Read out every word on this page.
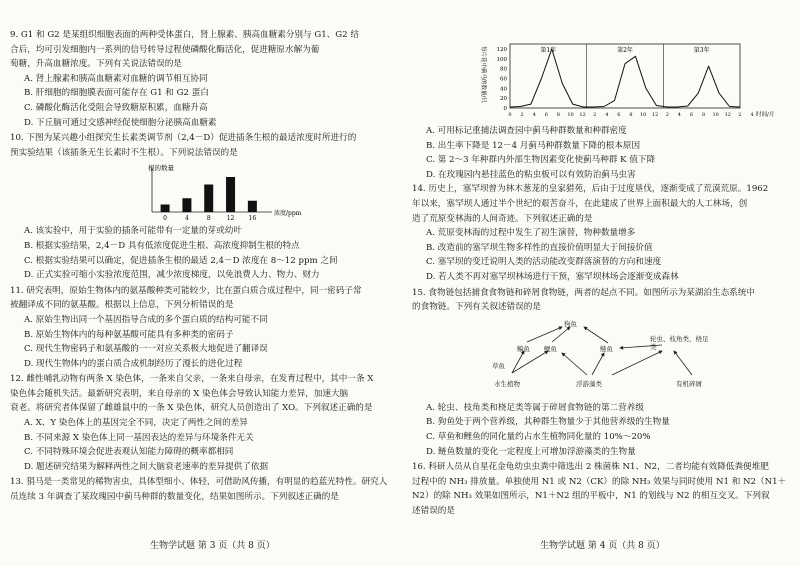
9. G1 和 G2 是某组织细胞表面的两种受体蛋白，肾上腺素、胰高血糖素分别与 G1、G2 结
合后，均可引发细胞内一系列的信号转导过程使磷酸化酶活化，促进糖原水解为葡
萄糖，升高血糖浓度。下列有关说法错误的是
A. 肾上腺素和胰高血糖素对血糖的调节相互协同
B. 肝细胞的细胞膜表面可能存在 G1 和 G2 蛋白
C. 磷酸化酶活化受阻会导致糖原积累，血糖升高
D. 下丘脑可通过交感神经促使细胞分泌胰高血糖素
10. 下图为某兴趣小组探究生长素类调节剂（2,4－D）促进插条生根的最适浓度时所进行的
预实验结果（该插条无生长素时不生根）。下列说法错误的是
根的数量
浓度/ppm
0	4	8	12 16
A. 该实验中，用于实验的插条可能带有一定量的芽或幼叶
B. 根据实验结果，2,4－D 具有低浓度促进生根、高浓度抑制生根的特点
C. 根据实验结果可以确定，促进插条生根的最适 2,4－D 浓度在 8～12 ppm 之间
D. 正式实验可缩小实验浓度范围，减少浓度梯度，以免浪费人力、物力、财力
11. 研究表明，原始生物体内的氨基酸种类可能较少，比在蛋白质合成过程中，同一密码子常
被翻译成不同的氨基酸。根据以上信息，下列分析错误的是
A. 原始生物出同一个基因指导合成的多个蛋白质的结构可能不同
B. 原始生物体内的每种氨基酸可能具有多种类的密码子
C. 现代生物密码子和氨基酸的一一对应关系极大地促进了翻译误
D. 现代生物体内的蛋白质合成机制经历了漫长的进化过程
12. 雌性哺乳动物有两条 X 染色体，一条来自父亲，一条来自母亲，在发育过程中，其中一条 X
染色体会随机失活。最新研究表明，来自母亲的 X 染色体会导致认知能力差异，加速大脑
衰老。将研究者体保留了雌雄鼠中的一条 X 染色体，研究人员创造出了 XO。下列叙述正确的是
A. X、Y 染色体上的基因完全不同，决定了两性之间的差异
B. 不同来源 X 染色体上同一基因表达的差异与环境条件无关
C. 不同特殊环境会促进表观认知能力障碍的概率都相同
D. 题述研究结果为解释两性之间大脑衰老速率的差异提供了依据
13. 狷马是一类常见的稀物害虫，具体型细小、体轻，可借助风传播，有明显的趋蓝光特性。研究人
员连续 3 年调查了某玫瑰园中蓟马种群的数量变化，结果如图所示。下列叙述正确的是
生物学试题 第 3 页（共 8 页）
每片花中蓟马的数量/只
0
20
40
60
80
100
120	第1年	第2年	第3年
0 2 4 6 8 10 12 2 4 6 8 10 12 2 4 6 8 10 12 2 4 时间/月
A. 可用标记重捕法调查园中蓟马种群数量和种群密度
B. 出生率下降是 12－4 月蓟马种群数量下降的根本原因
C. 第 2～3 年种群内外部生物因素变化使蓟马种群 K 值下降
D. 在玫瑰园内悬挂蓝色的粘虫板可以有效防治蓟马虫害
14. 历史上，塞罕坝曾为林木葱茏的皇家猎苑，后由于过度垦伐，逐渐变成了荒漠荒原。1962
年以来，塞罕坝人通过半个世纪的艰苦奋斗，在此建成了世界上面积最大的人工林场，创
造了荒原变林海的人间奇迹。下列叙述正确的是
A. 荒原变林海的过程中发生了初生演替，物种数量增多
B. 改造前的塞罕坝生物多样性的直接价值明显大于间接价值
C. 塞罕坝的变迁说明人类的活动能改变群落演替的方向和速度
D. 若人类不再对塞罕坝林场进行干预，塞罕坝林场会逐渐变成森林
15. 食物链包括捕食食物链和碎屑食物链，两者的起点不同。如图所示为某湖泊生态系统中
的食物链。下列有关叙述错误的是
狗鱼
鳊鱼
草鱼
鲤鱼	鲢鱼
轮虫、枝角类、桡足类
水生植物	浮游藻类	有机碎屑
A. 轮虫、枝角类和桡足类等属于碎屑食物链的第二营养级
B. 狗鱼处于两个营养级，其种群生物量少于其他营养级的生物量
C. 草鱼和鲤鱼的同化量约占水生植物同化量的 10%～20%
D. 鲢鱼数量的变化一定程度上可增加浮游藻类的生物量
16. 科研人员从自星花金龟幼虫虫粪中筛选出 2 株菌株 N1、N2，二者均能有效降低粪便堆肥
过程中的 NH₃ 排放量。单独使用 N1 或 N2（CK）的除 NH₃ 效果与同时使用 N1 和 N2（N1＋
N2）的除 NH₃ 效果如图所示，N1＋N2 组的平板中，N1 的划线与 N2 的相互交叉。下列叙
述错误的是
生物学试题 第 4 页（共 8 页）
